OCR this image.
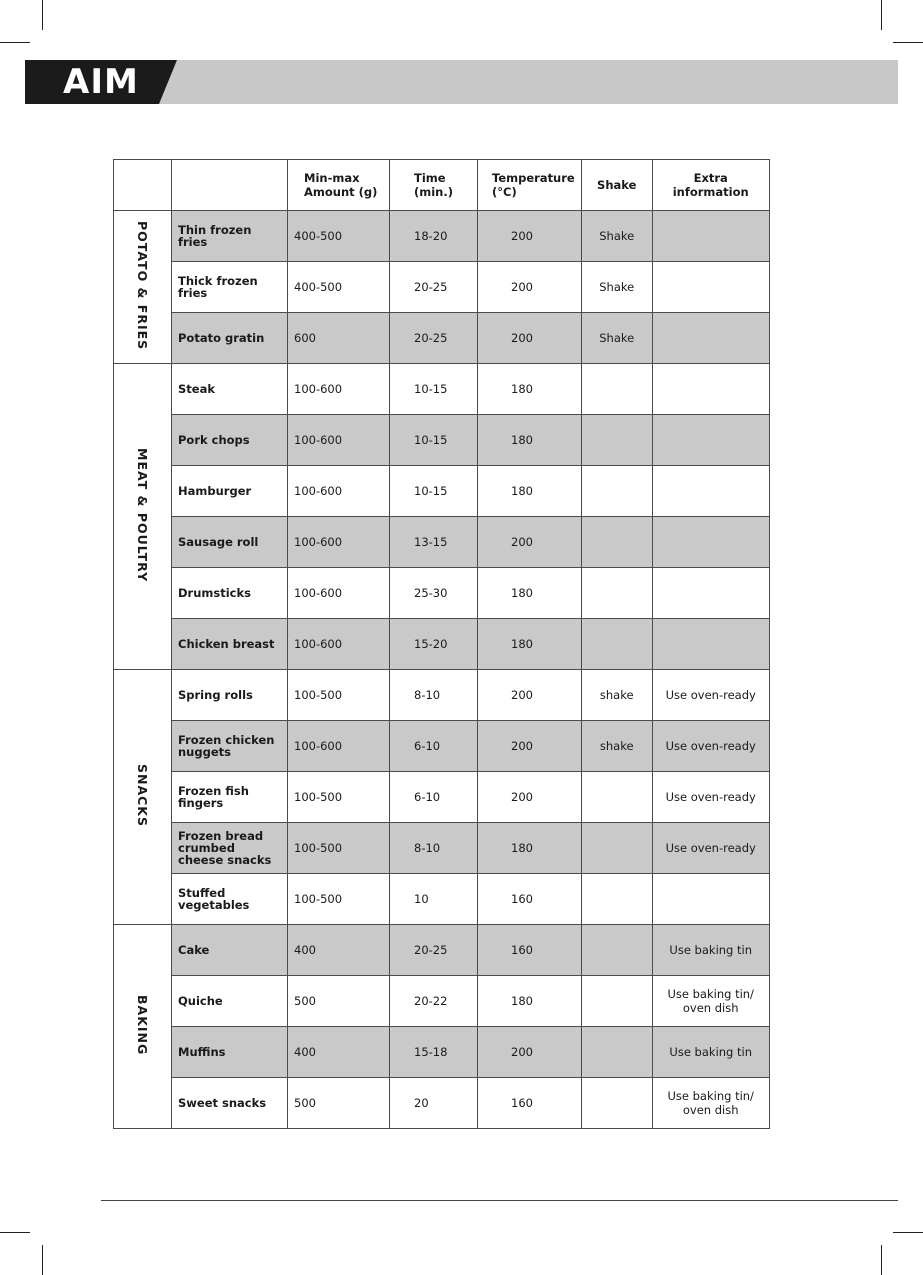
AIM
		Min-max Amount (g)	Time (min.)	Temperature (°C)	Shake	Extra information
POTATO & FRIES	Thin frozen fries	400-500	18-20	200	Shake	
	Thick frozen fries	400-500	20-25	200	Shake	
	Potato gratin	600	20-25	200	Shake	
MEAT & POULTRY	Steak	100-600	10-15	180		
	Pork chops	100-600	10-15	180		
	Hamburger	100-600	10-15	180		
	Sausage roll	100-600	13-15	200		
	Drumsticks	100-600	25-30	180		
	Chicken breast	100-600	15-20	180		
SNACKS	Spring rolls	100-500	8-10	200	shake	Use oven-ready
	Frozen chicken nuggets	100-600	6-10	200	shake	Use oven-ready
	Frozen fish fingers	100-500	6-10	200		Use oven-ready
	Frozen bread crumbed cheese snacks	100-500	8-10	180		Use oven-ready
	Stuffed vegetables	100-500	10	160		
BAKING	Cake	400	20-25	160		Use baking tin
	Quiche	500	20-22	180		Use baking tin/ oven dish
	Muffins	400	15-18	200		Use baking tin
	Sweet snacks	500	20	160		Use baking tin/ oven dish
